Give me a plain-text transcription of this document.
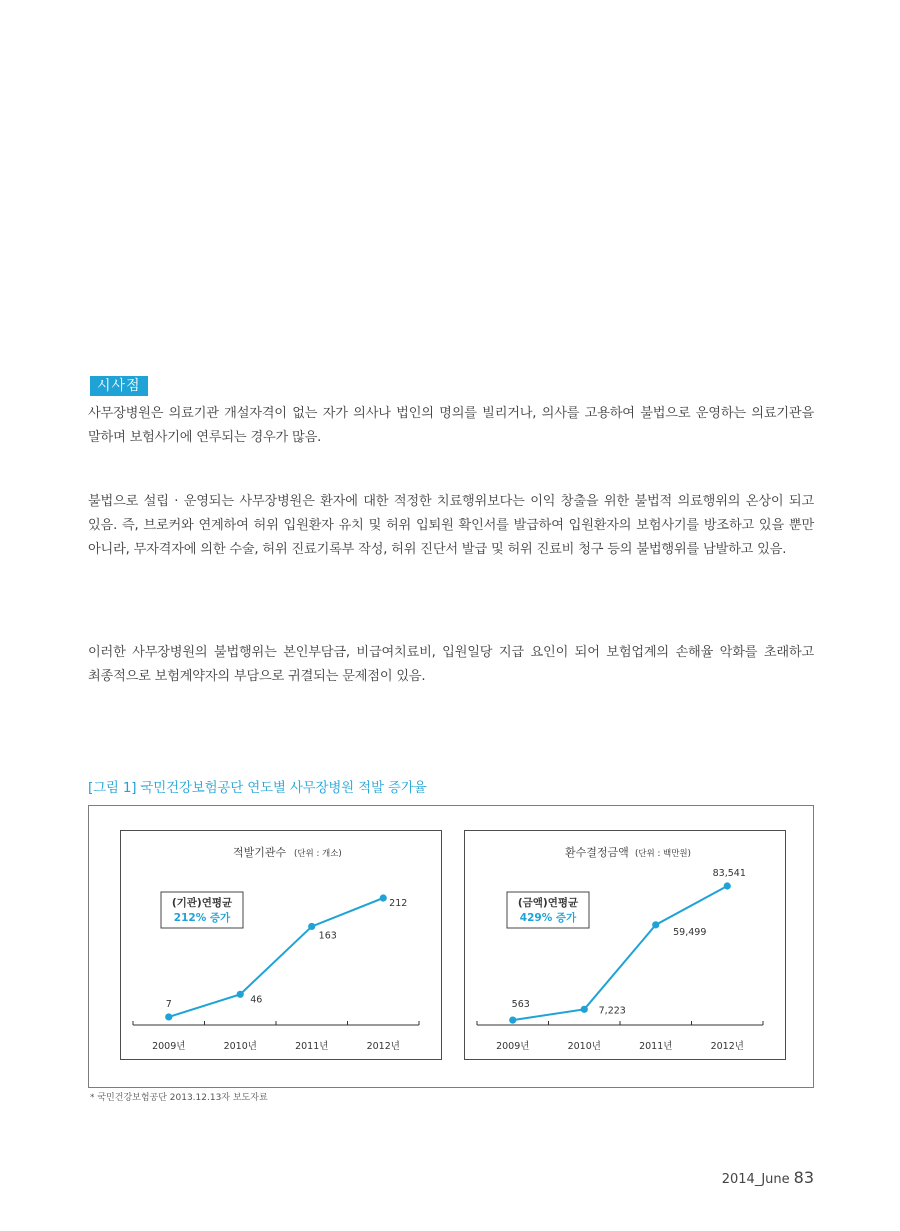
시사점

사무장병원은 의료기관 개설자격이 없는 자가 의사나 법인의 명의를 빌리거나, 의사를 고용하여 불법으로 운영하는 의료기관을 말하며 보험사기에 연루되는 경우가 많음.

불법으로 설립 · 운영되는 사무장병원은 환자에 대한 적정한 치료행위보다는 이익 창출을 위한 불법적 의료행위의 온상이 되고 있음. 즉, 브로커와 연계하여 허위 입원환자 유치 및 허위 입퇴원 확인서를 발급하여 입원환자의 보험사기를 방조하고 있을 뿐만 아니라, 무자격자에 의한 수술, 허위 진료기록부 작성, 허위 진단서 발급 및 허위 진료비 청구 등의 불법행위를 남발하고 있음.

이러한 사무장병원의 불법행위는 본인부담금, 비급여치료비, 입원일당 지급 요인이 되어 보험업계의 손해율 악화를 초래하고 최종적으로 보험계약자의 부담으로 귀결되는 문제점이 있음.

[그림 1] 국민건강보험공단 연도별 사무장병원 적발 증가율
적발기관수 (단위 : 개소)
(기관)연평균
212% 증가
2009년	2010년	2011년	2012년
7	46
163
212
환수결정금액 (단위 : 백만원)
(금액)연평균
429% 증가
2009년	2010년	2011년	2012년
563
7,223
59,499
83,541
* 국민건강보험공단 2013.12.13자 보도자료
2014_June 83
